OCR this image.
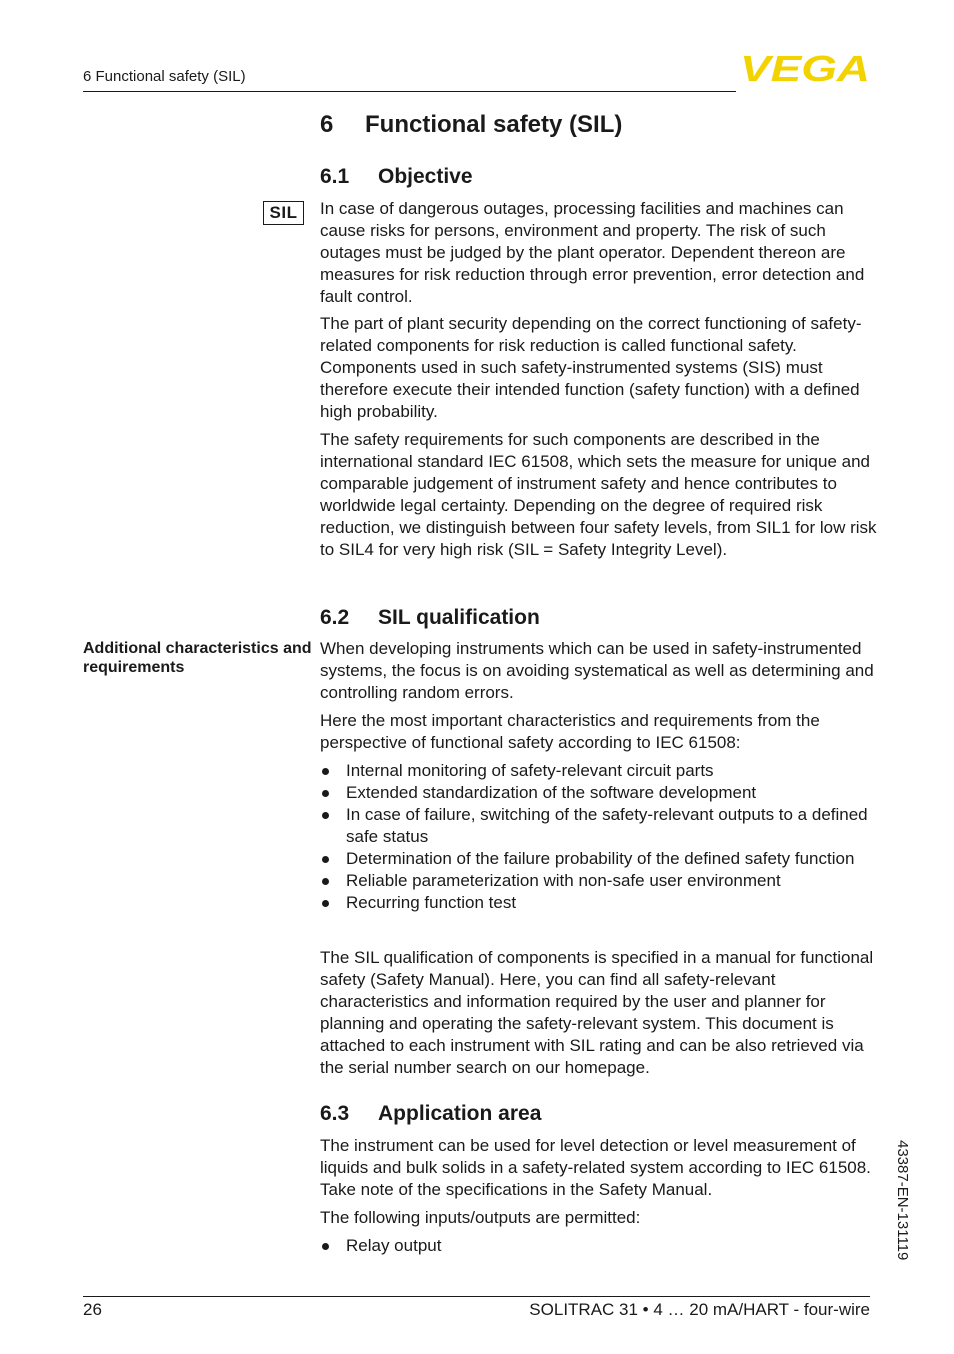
6 Functional safety (SIL)	VEGA
6 Functional safety (SIL)
6.1 Objective
SIL	In case of dangerous outages, processing facilities and machines can cause risks for persons, environment and property. The risk of such outages must be judged by the plant operator. Dependent thereon are measures for risk reduction through error prevention, error detection and fault control.

The part of plant security depending on the correct functioning of safety-related components for risk reduction is called functional safety. Components used in such safety-instrumented systems (SIS) must therefore execute their intended function (safety function) with a defined high probability.

The safety requirements for such components are described in the international standard IEC 61508, which sets the measure for unique and comparable judgement of instrument safety and hence contributes to worldwide legal certainty. Depending on the degree of required risk reduction, we distinguish between four safety levels, from SIL1 for low risk to SIL4 for very high risk (SIL = Safety Integrity Level).

6.2 SIL qualification
Additional characteristics and requirements

When developing instruments which can be used in safety-instrumented systems, the focus is on avoiding systematical as well as determining and controlling random errors.

Here the most important characteristics and requirements from the perspective of functional safety according to IEC 61508:

Internal monitoring of safety-relevant circuit parts
Extended standardization of the software development
In case of failure, switching of the safety-relevant outputs to a defined safe status
Determination of the failure probability of the defined safety function
Reliable parameterization with non-safe user environment
Recurring function test

The SIL qualification of components is specified in a manual for functional safety (Safety Manual). Here, you can find all safety-relevant characteristics and information required by the user and planner for planning and operating the safety-relevant system. This document is attached to each instrument with SIL rating and can be also retrieved via the serial number search on our homepage.

6.3 Application area

The instrument can be used for level detection or level measurement of liquids and bulk solids in a safety-related system according to IEC 61508. Take note of the specifications in the Safety Manual.

The following inputs/outputs are permitted:

Relay output	43387-EN-131119
26	SOLITRAC 31 • 4 … 20 mA/HART - four-wire
